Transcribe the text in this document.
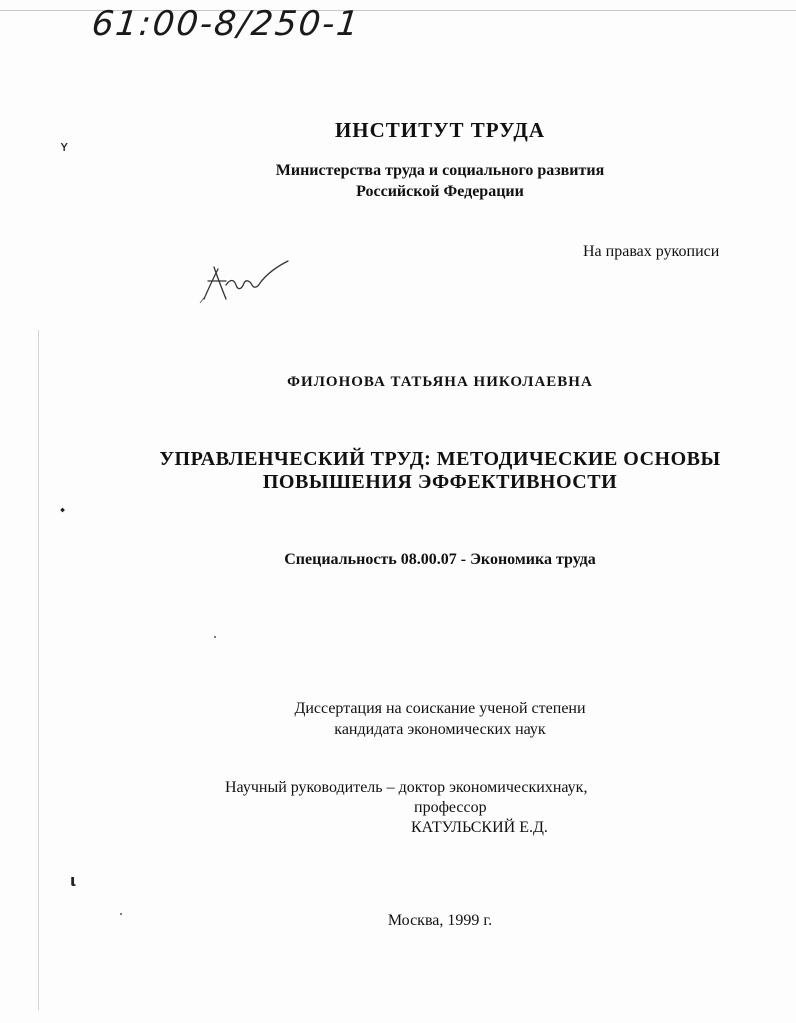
61:00-8/250-1
ʏ
⬩
ι
ИНСТИТУТ ТРУДА
Министерства труда и социального развития
Российской Федерации
На правах рукописи
ФИЛОНОВА ТАТЬЯНА НИКОЛАЕВНА
УПРАВЛЕНЧЕСКИЙ ТРУД: МЕТОДИЧЕСКИЕ ОСНОВЫ
ПОВЫШЕНИЯ ЭФФЕКТИВНОСТИ
Специальность 08.00.07 - Экономика труда
Диссертация на соискание ученой степени
кандидата экономических наук
Научный руководитель – доктор экономическихнаук,
профессор
КАТУЛЬСКИЙ Е.Д.
Москва, 1999 г.
